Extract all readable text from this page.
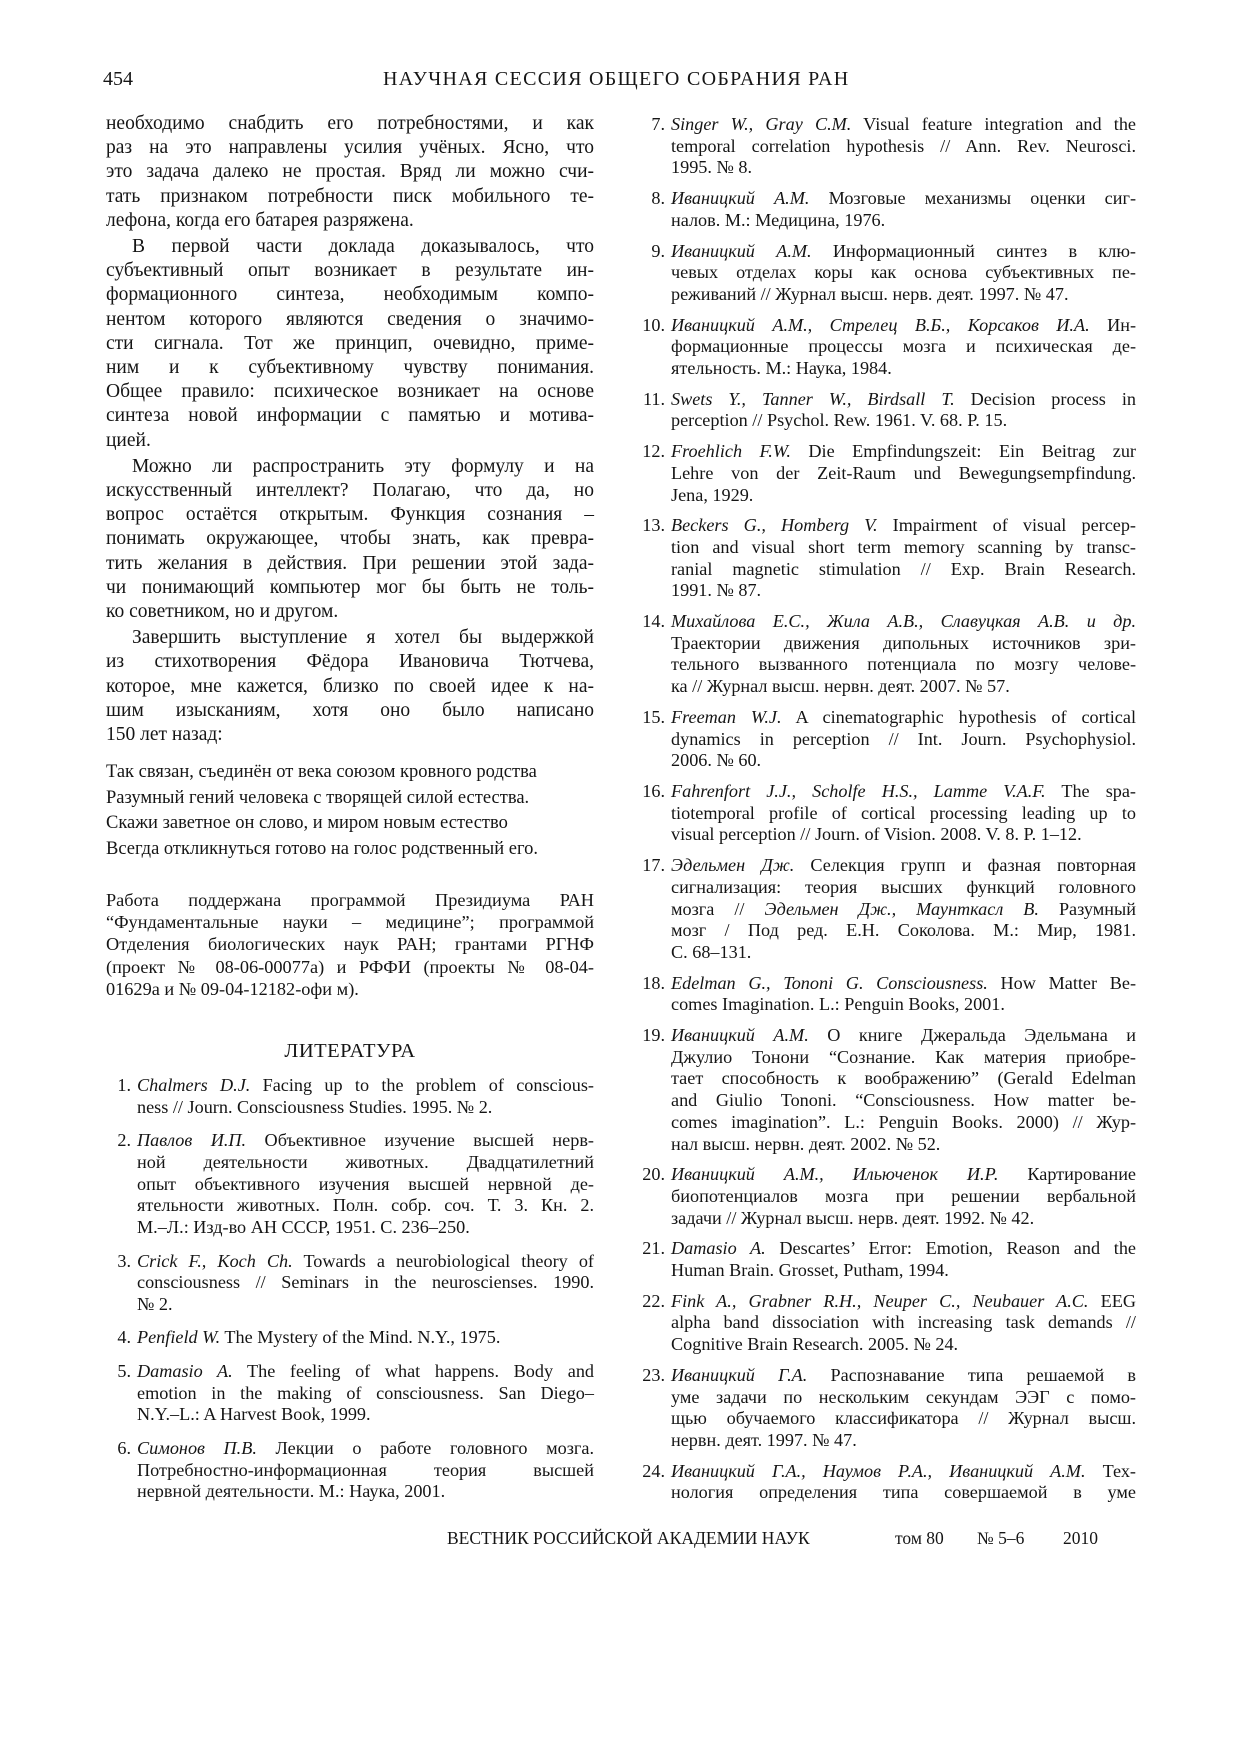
454	НАУЧНАЯ СЕССИЯ ОБЩЕГО СОБРАНИЯ РАН
необходимо снабдить его потребностями, и как
раз на это направлены усилия учёных. Ясно, что
это задача далеко не простая. Вряд ли можно счи-
тать признаком потребности писк мобильного те-
лефона, когда его батарея разряжена.
В первой части доклада доказывалось, что
субъективный опыт возникает в результате ин-
формационного синтеза, необходимым компо-
нентом которого являются сведения о значимо-
сти сигнала. Тот же принцип, очевидно, приме-
ним и к субъективному чувству понимания.
Общее правило: психическое возникает на основе
синтеза новой информации с памятью и мотива-
цией.
Можно ли распространить эту формулу и на
искусственный интеллект? Полагаю, что да, но
вопрос остаётся открытым. Функция сознания –
понимать окружающее, чтобы знать, как превра-
тить желания в действия. При решении этой зада-
чи понимающий компьютер мог бы быть не толь-
ко советником, но и другом.
Завершить выступление я хотел бы выдержкой
из стихотворения Фёдора Ивановича Тютчева,
которое, мне кажется, близко по своей идее к на-
шим изысканиям, хотя оно было написано
150 лет назад:
Так связан, съединён от века союзом кровного родства
Разумный гений человека с творящей силой естества.
Скажи заветное он слово, и миром новым естество
Всегда откликнуться готово на голос родственный его.
Работа поддержана программой Президиума РАН
“Фундаментальные науки – медицине”; программой
Отделения биологических наук РАН; грантами РГНФ
(проект № 08-06-00077а) и РФФИ (проекты № 08-04-
01629а и № 09-04-12182-офи м).
ЛИТЕРАТУРА
1. Chalmers D.J. Facing up to the problem of conscious-
ness // Journ. Consciousness Studies. 1995. № 2.
2. Павлов И.П. Объективное изучение высшей нерв-
ной деятельности животных. Двадцатилетний
опыт объективного изучения высшей нервной де-
ятельности животных. Полн. собр. соч. Т. 3. Кн. 2.
М.–Л.: Изд-во АН СССР, 1951. С. 236–250.
3. Crick F., Koch Ch. Towards a neurobiological theory of
consciousness // Seminars in the neuroscienses. 1990.
№ 2.
4. Penfield W. The Mystery of the Mind. N.Y., 1975.
5. Damasio A. The feeling of what happens. Body and
emotion in the making of consciousness. San Diego–
N.Y.–L.: A Harvest Book, 1999.
6. Симонов П.В. Лекции о работе головного мозга.
Потребностно-информационная теория высшей
нервной деятельности. М.: Наука, 2001.
7. Singer W., Gray C.M. Visual feature integration and the
temporal correlation hypothesis // Ann. Rev. Neurosci.
1995. № 8.
8. Иваницкий А.М. Мозговые механизмы оценки сиг-
налов. М.: Медицина, 1976.
9. Иваницкий А.М. Информационный синтез в клю-
чевых отделах коры как основа субъективных пе-
реживаний // Журнал высш. нерв. деят. 1997. № 47.
10. Иваницкий А.М., Стрелец В.Б., Корсаков И.А. Ин-
формационные процессы мозга и психическая де-
ятельность. М.: Наука, 1984.
11. Swets Y., Tanner W., Birdsall T. Decision process in
perception // Psychol. Rew. 1961. V. 68. P. 15.
12. Froehlich F.W. Die Empfindungszeit: Ein Beitrag zur
Lehre von der Zeit-Raum und Bewegungsempfindung.
Jena, 1929.
13. Beckers G., Homberg V. Impairment of visual percep-
tion and visual short term memory scanning by transc-
ranial magnetic stimulation // Exp. Brain Research.
1991. № 87.
14. Михайлова Е.С., Жила А.В., Славуцкая А.В. и др.
Траектории движения дипольных источников зри-
тельного вызванного потенциала по мозгу челове-
ка // Журнал высш. нервн. деят. 2007. № 57.
15. Freeman W.J. A cinematographic hypothesis of cortical
dynamics in perception // Int. Journ. Psychophysiol.
2006. № 60.
16. Fahrenfort J.J., Scholfe H.S., Lamme V.A.F. The spa-
tiotemporal profile of cortical processing leading up to
visual perception // Journ. of Vision. 2008. V. 8. P. 1–12.
17. Эдельмен Дж. Селекция групп и фазная повторная
сигнализация: теория высших функций головного
мозга // Эдельмен Дж., Маунткасл В. Разумный
мозг / Под ред. Е.Н. Соколова. М.: Мир, 1981.
С. 68–131.
18. Edelman G., Tononi G. Consciousness. How Matter Be-
comes Imagination. L.: Penguin Books, 2001.
19. Иваницкий А.М. О книге Джеральда Эдельмана и
Джулио Тонони “Сознание. Как материя приобре-
тает способность к воображению” (Gerald Edelman
and Giulio Tononi. “Consciousness. How matter be-
comes imagination”. L.: Penguin Books. 2000) // Жур-
нал высш. нервн. деят. 2002. № 52.
20. Иваницкий А.М., Ильюченок И.Р. Картирование
биопотенциалов мозга при решении вербальной
задачи // Журнал высш. нерв. деят. 1992. № 42.
21. Damasio A. Descartes’ Error: Emotion, Reason and the
Human Brain. Grosset, Putham, 1994.
22. Fink A., Grabner R.H., Neuper C., Neubauer A.C. EEG
alpha band dissociation with increasing task demands //
Cognitive Brain Research. 2005. № 24.
23. Иваницкий Г.А. Распознавание типа решаемой в
уме задачи по нескольким секундам ЭЭГ с помо-
щью обучаемого классификатора // Журнал высш.
нервн. деят. 1997. № 47.
24. Иваницкий Г.А., Наумов Р.А., Иваницкий А.М. Тех-
нология определения типа совершаемой в уме
ВЕСТНИК РОССИЙСКОЙ АКАДЕМИИ НАУК	том 80 № 5–6 2010
